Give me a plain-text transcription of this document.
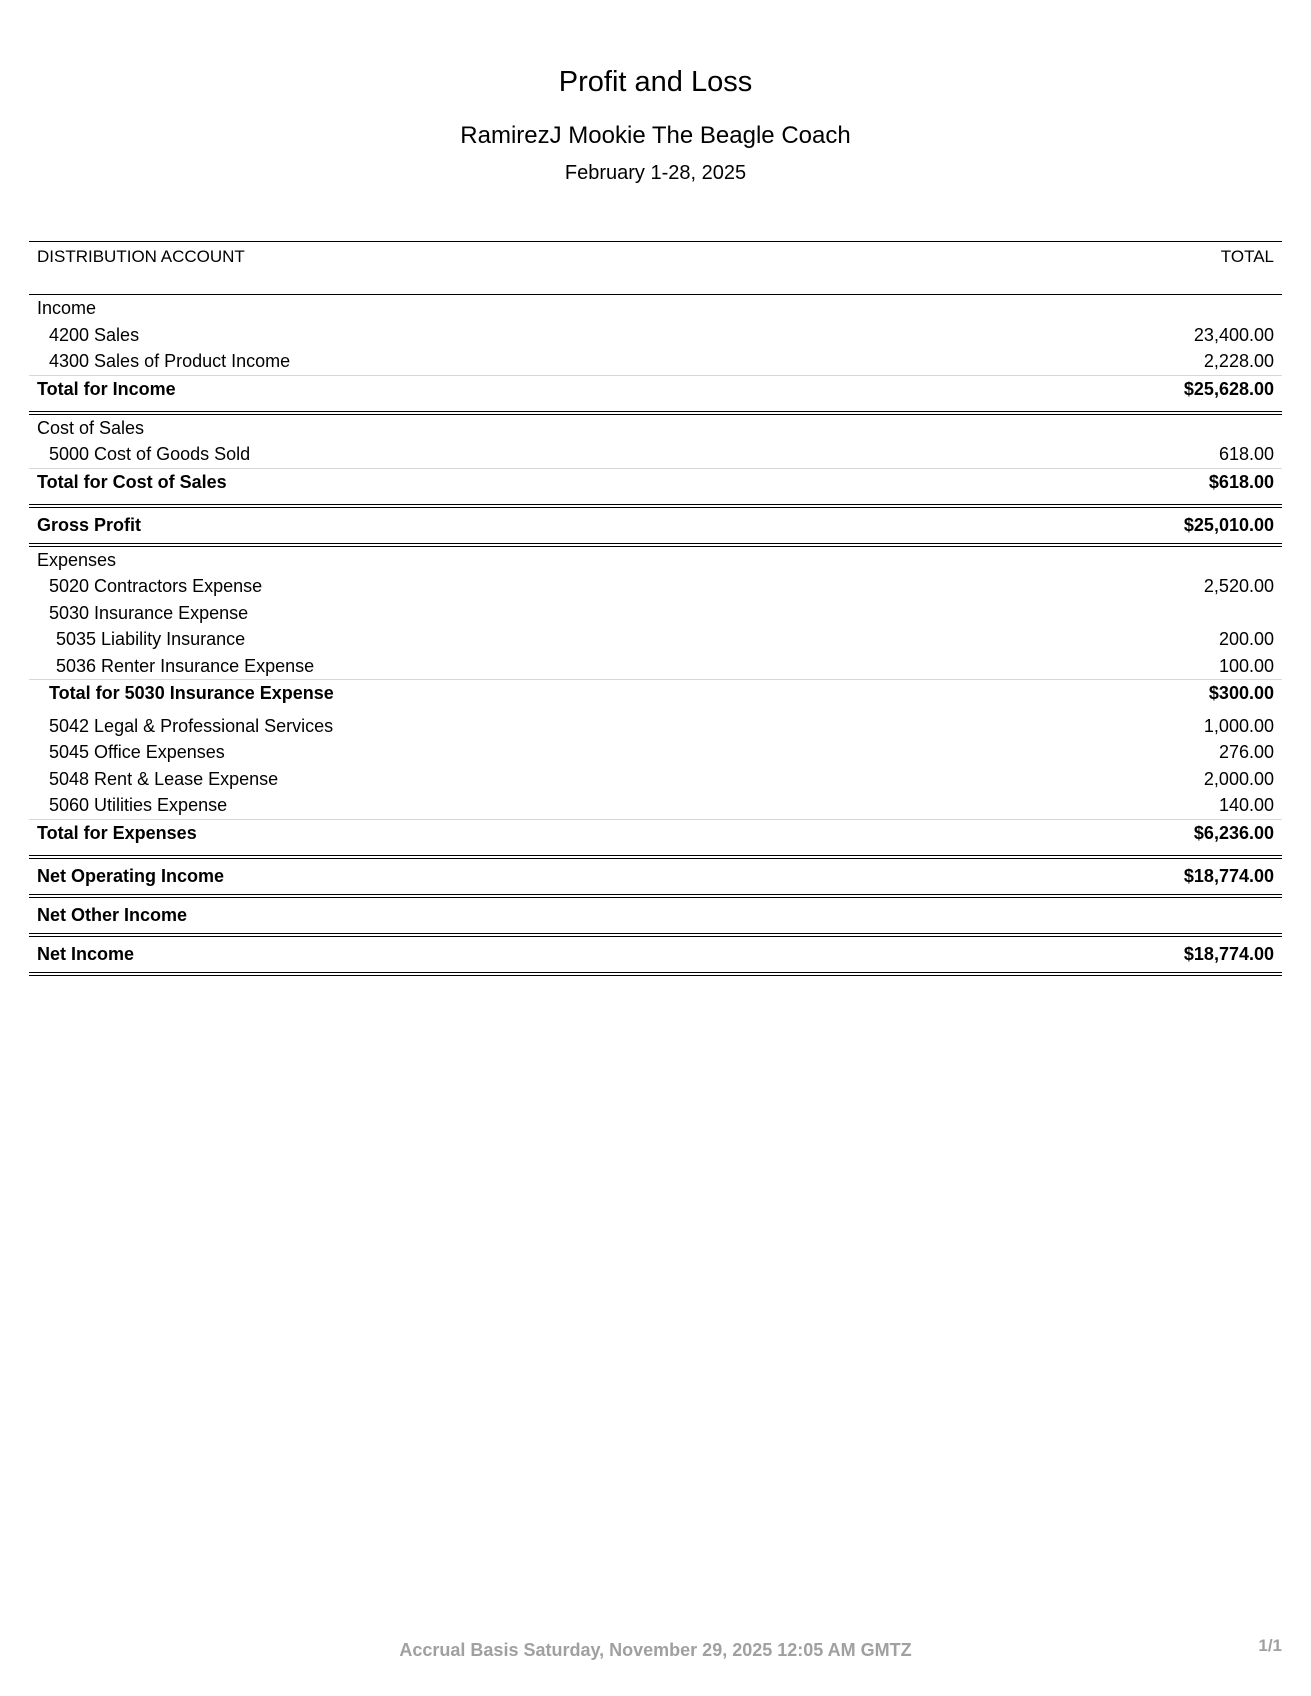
Profit and Loss
RamirezJ Mookie The Beagle Coach
February 1-28, 2025
DISTRIBUTION ACCOUNT	TOTAL
Income
4200 Sales	23,400.00
4300 Sales of Product Income	2,228.00
Total for Income	$25,628.00
Cost of Sales
5000 Cost of Goods Sold	618.00
Total for Cost of Sales	$618.00
Gross Profit	$25,010.00
Expenses
5020 Contractors Expense	2,520.00
5030 Insurance Expense
5035 Liability Insurance	200.00
5036 Renter Insurance Expense	100.00
Total for 5030 Insurance Expense	$300.00
5042 Legal & Professional Services	1,000.00
5045 Office Expenses	276.00
5048 Rent & Lease Expense	2,000.00
5060 Utilities Expense	140.00
Total for Expenses	$6,236.00
Net Operating Income	$18,774.00
Net Other Income
Net Income	$18,774.00
Accrual Basis Saturday, November 29, 2025 12:05 AM GMTZ	1/1
